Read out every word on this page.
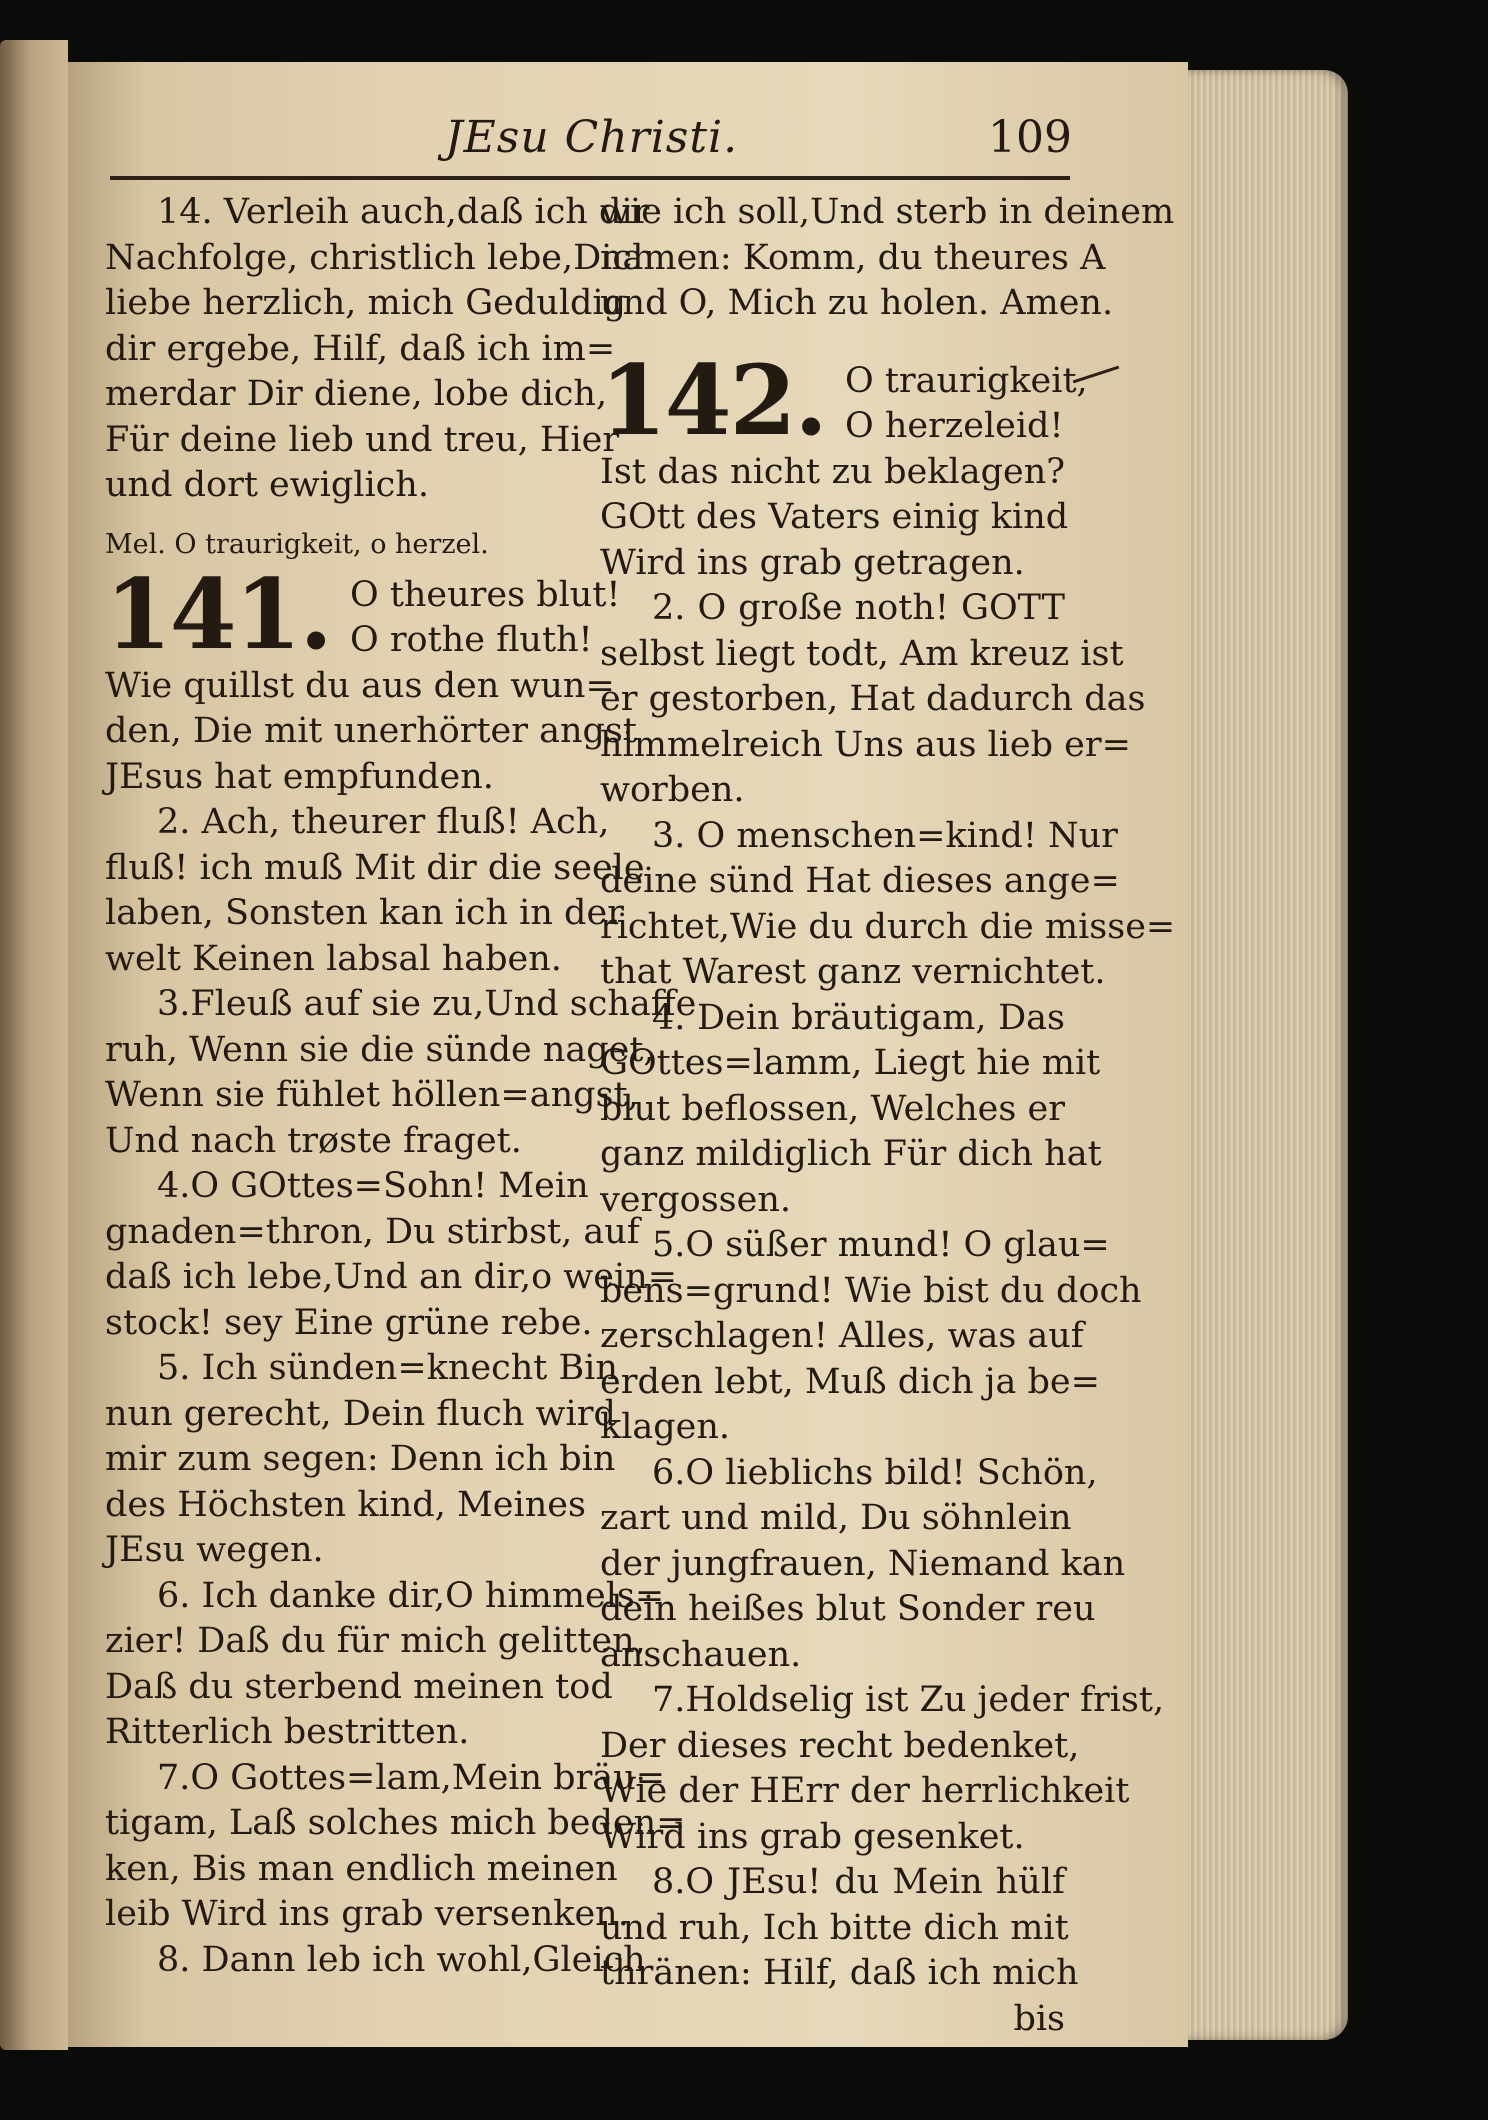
JEsu Christi.	109
14. Verleih auch,daß ich dir
Nachfolge, christlich lebe,Dich
liebe herzlich, mich Geduldig
dir ergebe, Hilf, daß ich im=
merdar Dir diene, lobe dich,
Für deine lieb und treu, Hier
und dort ewiglich.
Mel. O traurigkeit, o herzel.
141. O theures blut!
O rothe fluth!
Wie quillst du aus den wun=
den, Die mit unerhörter angst
JEsus hat empfunden.
2. Ach, theurer fluß! Ach,
fluß! ich muß Mit dir die seele
laben, Sonsten kan ich in der
welt Keinen labsal haben.
3.Fleuß auf sie zu,Und schaffe
ruh, Wenn sie die sünde naget,
Wenn sie fühlet höllen=angst,
Und nach trøste fraget.
4.O GOttes=Sohn! Mein
gnaden=thron, Du stirbst, auf
daß ich lebe,Und an dir,o wein=
stock! sey Eine grüne rebe.
5. Ich sünden=knecht Bin
nun gerecht, Dein fluch wird
mir zum segen: Denn ich bin
des Höchsten kind, Meines
JEsu wegen.
6. Ich danke dir,O himmels=
zier! Daß du für mich gelitten,
Daß du sterbend meinen tod
Ritterlich bestritten.
7.O Gottes=lam,Mein bräu=
tigam, Laß solches mich beden=
ken, Bis man endlich meinen
leib Wird ins grab versenken.
8. Dann leb ich wohl,Gleich
wie ich soll,Und sterb in deinem
namen: Komm, du theures A
und O, Mich zu holen. Amen.
142. O traurigkeit,
O herzeleid!
Ist das nicht zu beklagen?
GOtt des Vaters einig kind
Wird ins grab getragen.
2. O große noth! GOTT
selbst liegt todt, Am kreuz ist
er gestorben, Hat dadurch das
himmelreich Uns aus lieb er=
worben.
3. O menschen=kind! Nur
deine sünd Hat dieses ange=
richtet,Wie du durch die misse=
that Warest ganz vernichtet.
4. Dein bräutigam, Das
GOttes=lamm, Liegt hie mit
blut beflossen, Welches er
ganz mildiglich Für dich hat
vergossen.
5.O süßer mund! O glau=
bens=grund! Wie bist du doch
zerschlagen! Alles, was auf
erden lebt, Muß dich ja be=
klagen.
6.O lieblichs bild! Schön,
zart und mild, Du söhnlein
der jungfrauen, Niemand kan
dein heißes blut Sonder reu
anschauen.
7.Holdselig ist Zu jeder frist,
Der dieses recht bedenket,
Wie der HErr der herrlichkeit
Wird ins grab gesenket.
8.O JEsu! du Mein hülf
und ruh, Ich bitte dich mit
thränen: Hilf, daß ich mich
bis
